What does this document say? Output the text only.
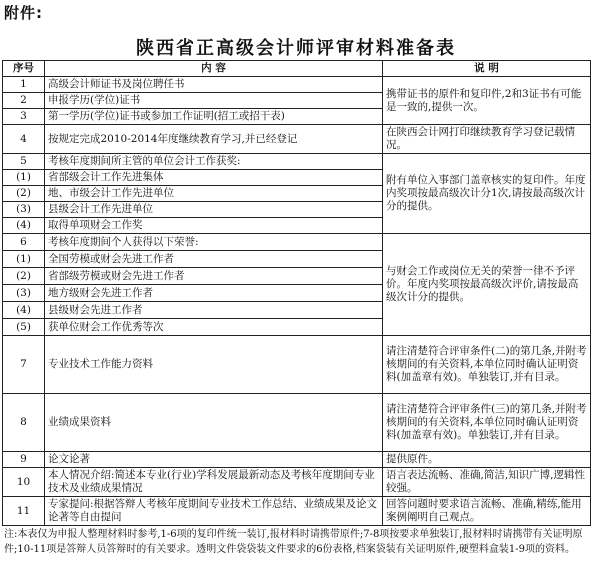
附件:
陕西省正高级会计师评审材料准备表
序号	内 容	说 明
1	高级会计师证书及岗位聘任书	携带证书的原件和复印件,2和3证书有可能是一致的,提供一次。
2	申报学历(学位)证书	
3	第一学历(学位)证书或参加工作证明(招工或招干表)	
4	按规定完成2010-2014年度继续教育学习,并已经登记	在陕西会计网打印继续教育学习登记载情况。
5	考核年度期间所主管的单位会计工作获奖:	附有单位入事部门盖章核实的复印件。年度内奖项按最高级次计分1次,请按最高级次计分的提供。
(1)	省部级会计工作先进集体	
(2)	地、市级会计工作先进单位	
(3)	县级会计工作先进单位	
(4)	取得单项财会工作奖	
6	考核年度期间个人获得以下荣誉:	与财会工作或岗位无关的荣誉一律不予评价。年度内奖项按最高级次评价,请按最高级次计分的提供。
(1)	全国劳模或财会先进工作者	
(2)	省部级劳模或财会先进工作者	
(3)	地方级财会先进工作者	
(4)	县级财会先进工作者	
(5)	获单位财会工作优秀等次	
7	专业技术工作能力资料	请注清楚符合评审条件(二)的第几条,并附考核期间的有关资料,本单位同时确认证明资料(加盖章有效)。单独装订,并有目录。
8	业绩成果资料	请注清楚符合评审条件(三)的第几条,并附考核期间的有关资料,本单位同时确认证明资料(加盖章有效)。单独装订,并有目录。
9	论文论著	提供原件。
10	本人情况介绍:简述本专业(行业)学科发展最新动态及考核年度期间专业技术及业绩成果情况	语言表达流畅、准确,简洁,知识广博,逻辑性较强。
11	专家提问:根据答辩人考核年度期间专业技术工作总结、业绩成果及论文论著等自由提问	回答问题时要求语言流畅、准确,精练,能用案例阐明自己观点。
注:本表仅为申报人整理材料时参考,1-6项的复印件统一装订,报材料时请携带原件;7-8项按要求单独装订,报材料时请携带有关证明原件;10-11项是答辩人员答辩时的有关要求。透明文件袋袋装文件要求的6份表格,档案袋装有关证明原件,硬塑料盒装1-9项的资料。
